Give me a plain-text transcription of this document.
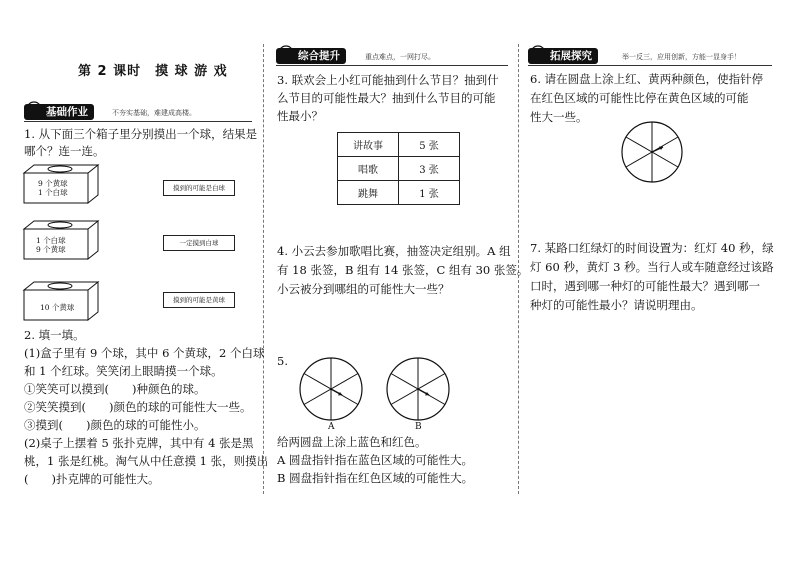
第 2 课时　摸 球 游 戏
基础作业	不夯实基础，难建成高楼。
1. 从下面三个箱子里分别摸出一个球，结果是
哪个？连一连。
9 个黄球
1 个白球
1 个白球
9 个黄球
10 个黄球
摸到的可能是白球
一定摸到白球
摸到的可能是黄球
2. 填一填。
(1)盒子里有 9 个球，其中 6 个黄球，2 个白球
和 1 个红球。笑笑闭上眼睛摸一个球。
①笑笑可以摸到(　　)种颜色的球。
②笑笑摸到(　　)颜色的球的可能性大一些。
③摸到(　　)颜色的球的可能性小。
(2)桌子上摆着 5 张扑克牌，其中有 4 张是黑
桃，1 张是红桃。淘气从中任意摸 1 张，则摸出
(　　)扑克牌的可能性大。
综合提升	重点难点，一网打尽。
3. 联欢会上小红可能抽到什么节目？抽到什
么节目的可能性最大？抽到什么节目的可能
性最小？
讲故事	5 张
唱歌	3 张
跳舞	1 张
4. 小云去参加歌唱比赛，抽签决定组别。A 组
有 18 张签，B 组有 14 张签，C 组有 30 张签。
小云被分到哪组的可能性大一些？
5.
A	B
给两圆盘上涂上蓝色和红色。
A 圆盘指针指在蓝色区域的可能性大。
B 圆盘指针指在红色区域的可能性大。
拓展探究	举一反三，应用创新，方能一显身手！
6. 请在圆盘上涂上红、黄两种颜色，使指针停
在红色区域的可能性比停在黄色区域的可能
性大一些。
7. 某路口红绿灯的时间设置为：红灯 40 秒，绿
灯 60 秒，黄灯 3 秒。当行人或车随意经过该路
口时，遇到哪一种灯的可能性最大？遇到哪一
种灯的可能性最小？请说明理由。
